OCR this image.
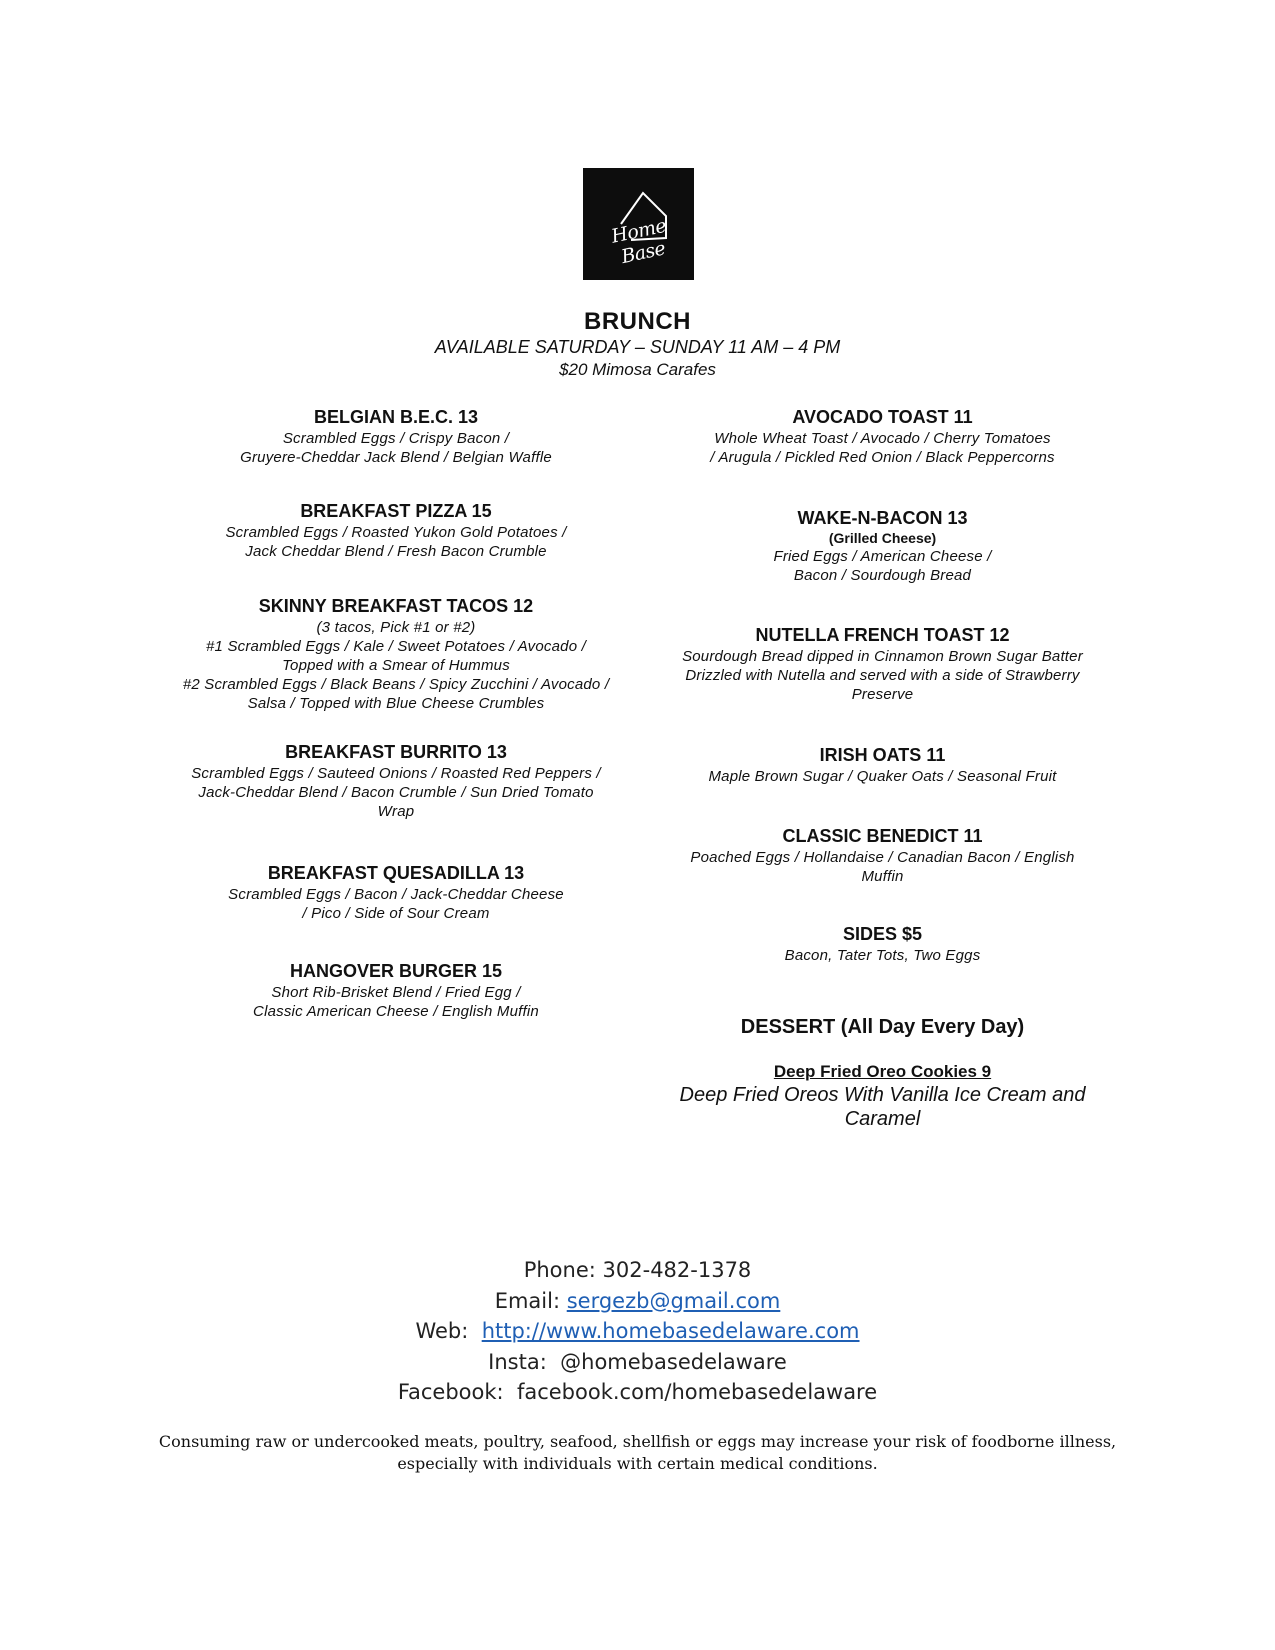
Home Base
BRUNCH
AVAILABLE SATURDAY – SUNDAY 11 AM – 4 PM
$20 Mimosa Carafes
BELGIAN B.E.C. 13
Scrambled Eggs / Crispy Bacon /
Gruyere-Cheddar Jack Blend / Belgian Waffle
BREAKFAST PIZZA 15
Scrambled Eggs / Roasted Yukon Gold Potatoes /
Jack Cheddar Blend / Fresh Bacon Crumble
SKINNY BREAKFAST TACOS 12
(3 tacos, Pick #1 or #2)
#1 Scrambled Eggs / Kale / Sweet Potatoes / Avocado /
Topped with a Smear of Hummus
#2 Scrambled Eggs / Black Beans / Spicy Zucchini / Avocado /
Salsa / Topped with Blue Cheese Crumbles
BREAKFAST BURRITO 13
Scrambled Eggs / Sauteed Onions / Roasted Red Peppers /
Jack-Cheddar Blend / Bacon Crumble / Sun Dried Tomato
Wrap
BREAKFAST QUESADILLA 13
Scrambled Eggs / Bacon / Jack-Cheddar Cheese
/ Pico / Side of Sour Cream
HANGOVER BURGER 15
Short Rib-Brisket Blend / Fried Egg /
Classic American Cheese / English Muffin
AVOCADO TOAST 11
Whole Wheat Toast / Avocado / Cherry Tomatoes
/ Arugula / Pickled Red Onion / Black Peppercorns
WAKE-N-BACON 13
(Grilled Cheese)
Fried Eggs / American Cheese /
Bacon / Sourdough Bread
NUTELLA FRENCH TOAST 12
Sourdough Bread dipped in Cinnamon Brown Sugar Batter
Drizzled with Nutella and served with a side of Strawberry
Preserve
IRISH OATS 11
Maple Brown Sugar / Quaker Oats / Seasonal Fruit
CLASSIC BENEDICT 11
Poached Eggs / Hollandaise / Canadian Bacon / English
Muffin
SIDES $5
Bacon, Tater Tots, Two Eggs
DESSERT (All Day Every Day)
Deep Fried Oreo Cookies 9
Deep Fried Oreos With Vanilla Ice Cream and
Caramel
Phone: 302-482-1378
Email: sergezb@gmail.com
Web: http://www.homebasedelaware.com
Insta: @homebasedelaware
Facebook: facebook.com/homebasedelaware
Consuming raw or undercooked meats, poultry, seafood, shellfish or eggs may increase your risk of foodborne illness,
especially with individuals with certain medical conditions.
